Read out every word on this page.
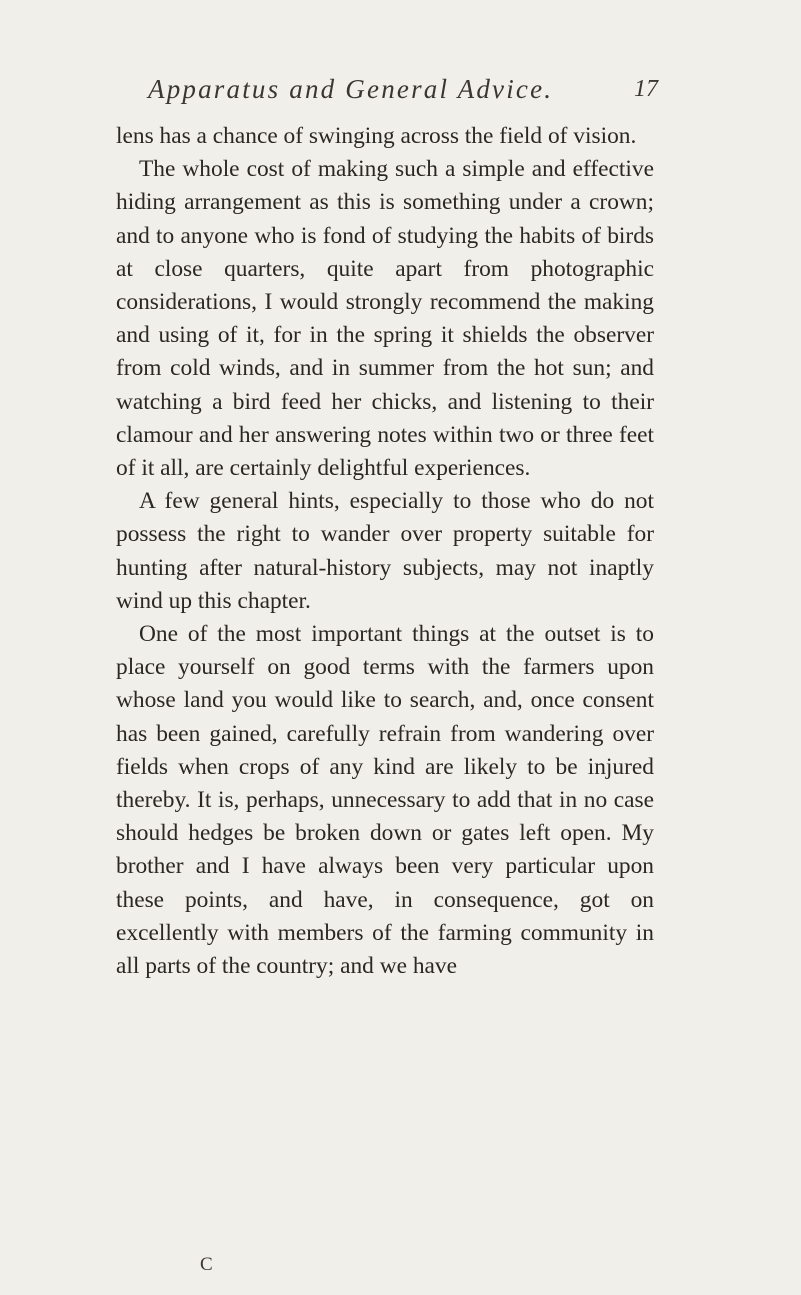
Apparatus and General Advice.	17

lens has a chance of swinging across the field of vision.

The whole cost of making such a simple and effective hiding arrangement as this is something under a crown; and to anyone who is fond of studying the habits of birds at close quarters, quite apart from photographic considerations, I would strongly recommend the making and using of it, for in the spring it shields the observer from cold winds, and in summer from the hot sun; and watching a bird feed her chicks, and listening to their clamour and her answering notes within two or three feet of it all, are certainly delightful experiences.

A few general hints, especially to those who do not possess the right to wander over property suitable for hunting after natural-history subjects, may not inaptly wind up this chapter.

One of the most important things at the outset is to place yourself on good terms with the farmers upon whose land you would like to search, and, once consent has been gained, carefully refrain from wandering over fields when crops of any kind are likely to be injured thereby. It is, perhaps, unnecessary to add that in no case should hedges be broken down or gates left open. My brother and I have always been very particular upon these points, and have, in consequence, got on excellently with members of the farming community in all parts of the country; and we have

C
